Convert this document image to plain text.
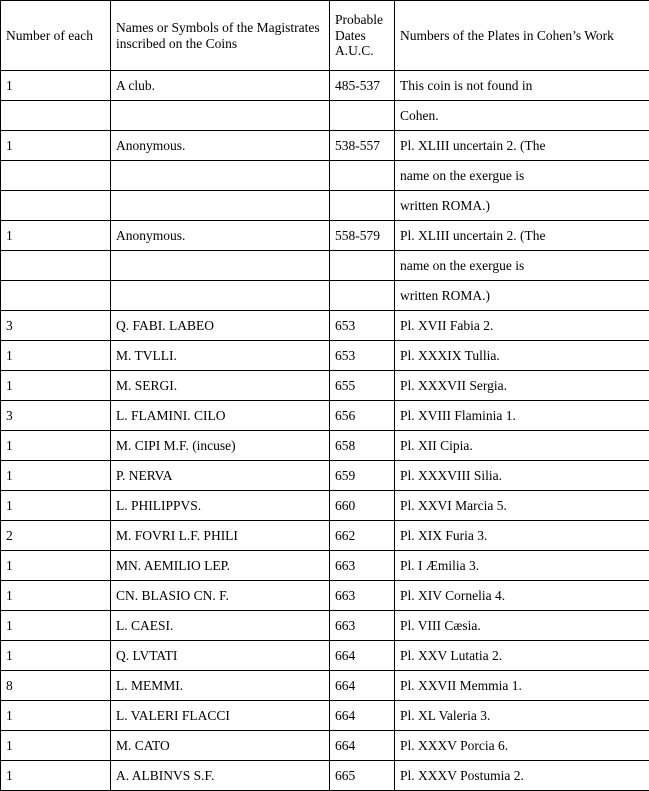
Number of each	Names or Symbols of the Magistrates inscribed on the Coins	Probable Dates A.U.C.	Numbers of the Plates in Cohen’s Work
1	A club.	485-537	This coin is not found in
			Cohen.
1	Anonymous.	538-557	Pl. XLIII uncertain 2. (The
			name on the exergue is
			written ROMA.)
1	Anonymous.	558-579	Pl. XLIII uncertain 2. (The
			name on the exergue is
			written ROMA.)
3	Q. FABI. LABEO	653	Pl. XVII Fabia 2.
1	M. TVLLI.	653	Pl. XXXIX Tullia.
1	M. SERGI.	655	Pl. XXXVII Sergia.
3	L. FLAMINI. CILO	656	Pl. XVIII Flaminia 1.
1	M. CIPI M.F. (incuse)	658	Pl. XII Cipia.
1	P. NERVA	659	Pl. XXXVIII Silia.
1	L. PHILIPPVS.	660	Pl. XXVI Marcia 5.
2	M. FOVRI L.F. PHILI	662	Pl. XIX Furia 3.
1	MN. AEMILIO LEP.	663	Pl. I Æmilia 3.
1	CN. BLASIO CN. F.	663	Pl. XIV Cornelia 4.
1	L. CAESI.	663	Pl. VIII Cæsia.
1	Q. LVTATI	664	Pl. XXV Lutatia 2.
8	L. MEMMI.	664	Pl. XXVII Memmia 1.
1	L. VALERI FLACCI	664	Pl. XL Valeria 3.
1	M. CATO	664	Pl. XXXV Porcia 6.
1	A. ALBINVS S.F.	665	Pl. XXXV Postumia 2.
